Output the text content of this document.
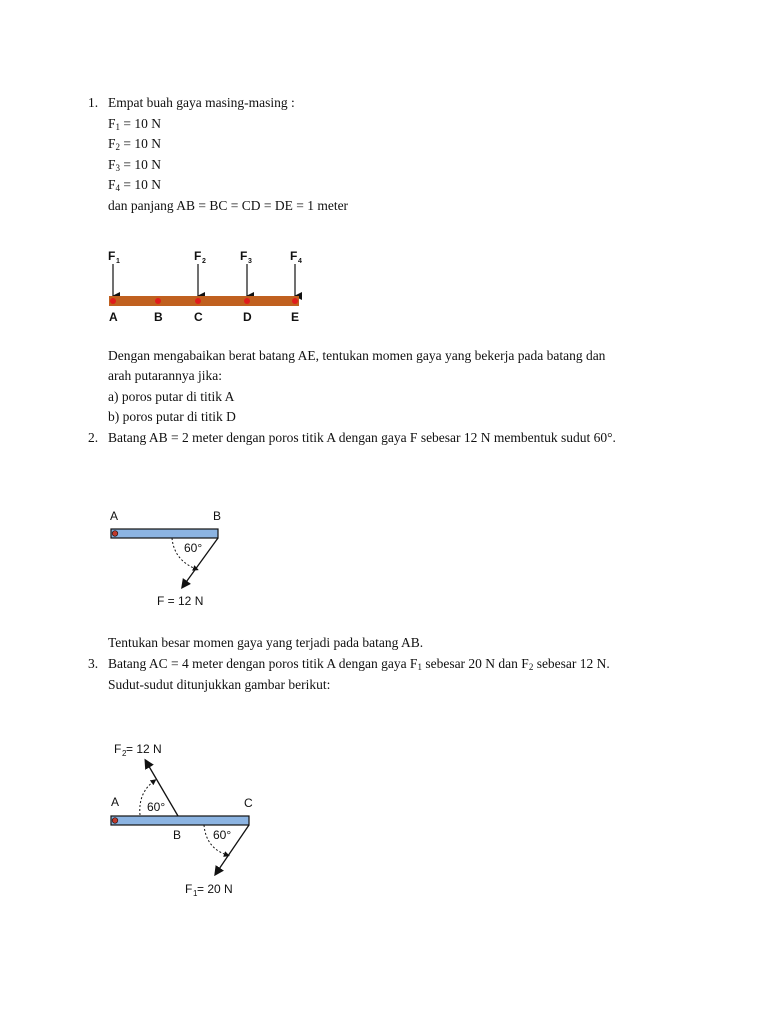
1. Empat buah gaya masing-masing :
$F_1 = 10$ N
$F_2 = 10$ N
$F_3 = 10$ N
$F_4 = 10$ N
dan panjang AB = BC = CD = DE = 1 meter
F 1	F 2	F 3	F 4
A	B	C	D	E
Dengan mengabaikan berat batang AE, tentukan momen gaya yang bekerja pada batang dan
arah putarannya jika:
a) poros putar di titik A
b) poros putar di titik D
2. Batang AB = 2 meter dengan poros titik A dengan gaya F sebesar 12 N membentuk sudut 60°.
A	B
60°
F = 12 N
Tentukan besar momen gaya yang terjadi pada batang AB.
3. Batang AC = 4 meter dengan poros titik A dengan gaya $F_1$ sebesar 20 N dan $F_2$ sebesar 12 N.
Sudut-sudut ditunjukkan gambar berikut:
F 2 = 12 N
A	C
B
60°
60°
F 1 = 20 N
